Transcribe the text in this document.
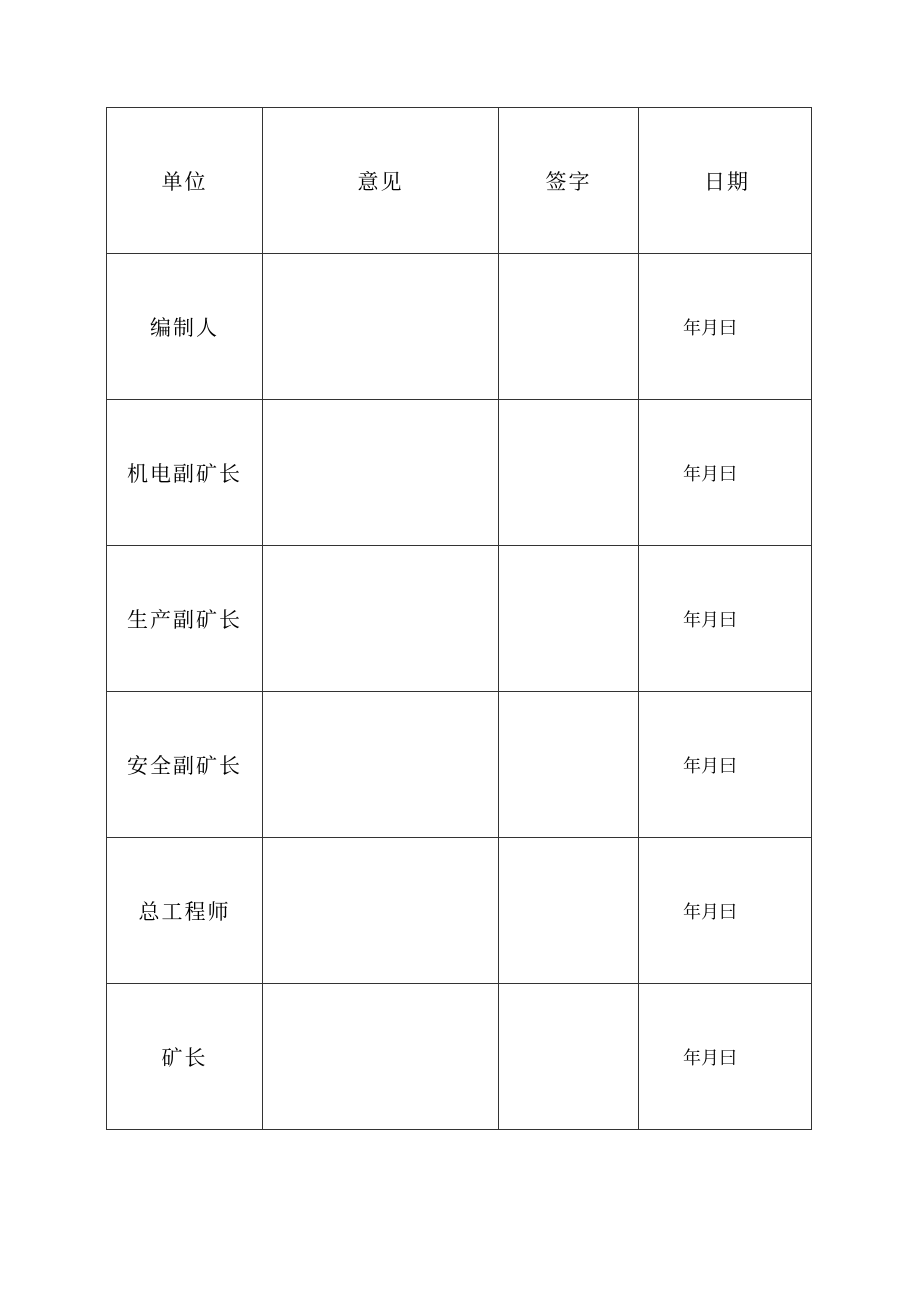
单位	意见	签字	日期
编制人			年月曰
机电副矿长			年月曰
生产副矿长			年月曰
安全副矿长			年月曰
总工程师			年月曰
矿长			年月曰
